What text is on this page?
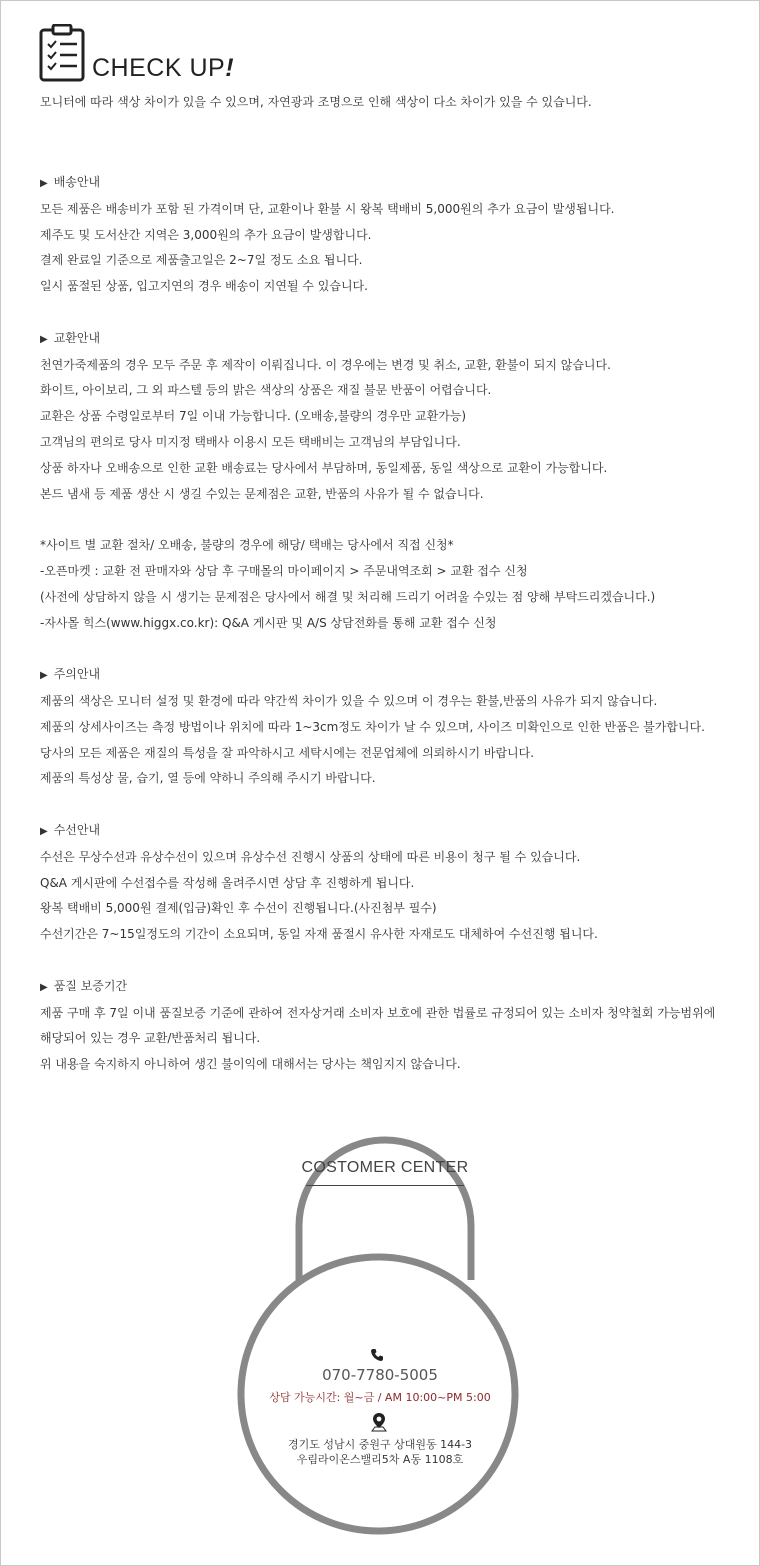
CHECK UP!
모니터에 따라 색상 차이가 있을 수 있으며, 자연광과 조명으로 인해 색상이 다소 차이가 있을 수 있습니다.
▶ 배송안내
모든 제품은 배송비가 포함 된 가격이며 단, 교환이나 환불 시 왕복 택배비 5,000원의 추가 요금이 발생됩니다.
제주도 및 도서산간 지역은 3,000원의 추가 요금이 발생합니다.
결제 완료일 기준으로 제품출고일은 2~7일 정도 소요 됩니다.
일시 품절된 상품, 입고지연의 경우 배송이 지연될 수 있습니다.
▶ 교환안내
천연가죽제품의 경우 모두 주문 후 제작이 이뤄집니다. 이 경우에는 변경 및 취소, 교환, 환불이 되지 않습니다.
화이트, 아이보리, 그 외 파스텔 등의 밝은 색상의 상품은 재질 불문 반품이 어렵습니다.
교환은 상품 수령일로부터 7일 이내 가능합니다. (오배송,불량의 경우만 교환가능)
고객님의 편의로 당사 미지정 택배사 이용시 모든 택배비는 고객님의 부담입니다.
상품 하자나 오배송으로 인한 교환 배송료는 당사에서 부담하며, 동일제품, 동일 색상으로 교환이 가능합니다.
본드 냄새 등 제품 생산 시 생길 수있는 문제점은 교환, 반품의 사유가 될 수 없습니다.
*사이트 별 교환 절차/ 오배송, 불량의 경우에 해당/ 택배는 당사에서 직접 신청*
-오픈마켓 : 교환 전 판매자와 상담 후 구매몰의 마이페이지 > 주문내역조회 > 교환 접수 신청
(사전에 상담하지 않을 시 생기는 문제점은 당사에서 해결 및 처리해 드리기 어려울 수있는 점 양해 부탁드리겠습니다.)
-자사몰 힉스(www.higgx.co.kr): Q&A 게시판 및 A/S 상담전화를 통해 교환 접수 신청
▶ 주의안내
제품의 색상은 모니터 설정 및 환경에 따라 약간씩 차이가 있을 수 있으며 이 경우는 환불,반품의 사유가 되지 않습니다.
제품의 상세사이즈는 측정 방법이나 위치에 따라 1~3cm정도 차이가 날 수 있으며, 사이즈 미확인으로 인한 반품은 불가합니다.
당사의 모든 제품은 재질의 특성을 잘 파악하시고 세탁시에는 전문업체에 의뢰하시기 바랍니다.
제품의 특성상 물, 습기, 열 등에 약하니 주의해 주시기 바랍니다.
▶ 수선안내
수선은 무상수선과 유상수선이 있으며 유상수선 진행시 상품의 상태에 따른 비용이 청구 될 수 있습니다.
Q&A 게시판에 수선접수를 작성해 올려주시면 상담 후 진행하게 됩니다.
왕복 택배비 5,000원 결제(입금)확인 후 수선이 진행됩니다.(사진첨부 필수)
수선기간은 7~15일정도의 기간이 소요되며, 동일 자재 품절시 유사한 자재로도 대체하여 수선진행 됩니다.
▶ 품질 보증기간
제품 구매 후 7일 이내 품질보증 기준에 관하여 전자상거래 소비자 보호에 관한 법률로 규정되어 있는 소비자 청약철회 가능범위에
해당되어 있는 경우 교환/반품처리 됩니다.
위 내용을 숙지하지 아니하여 생긴 불이익에 대해서는 당사는 책임지지 않습니다.
COSTOMER CENTER
070-7780-5005
상담 가능시간: 월~금 / AM 10:00~PM 5:00
경기도 성남시 중원구 상대원동 144-3
우림라이온스밸리5차 A동 1108호
